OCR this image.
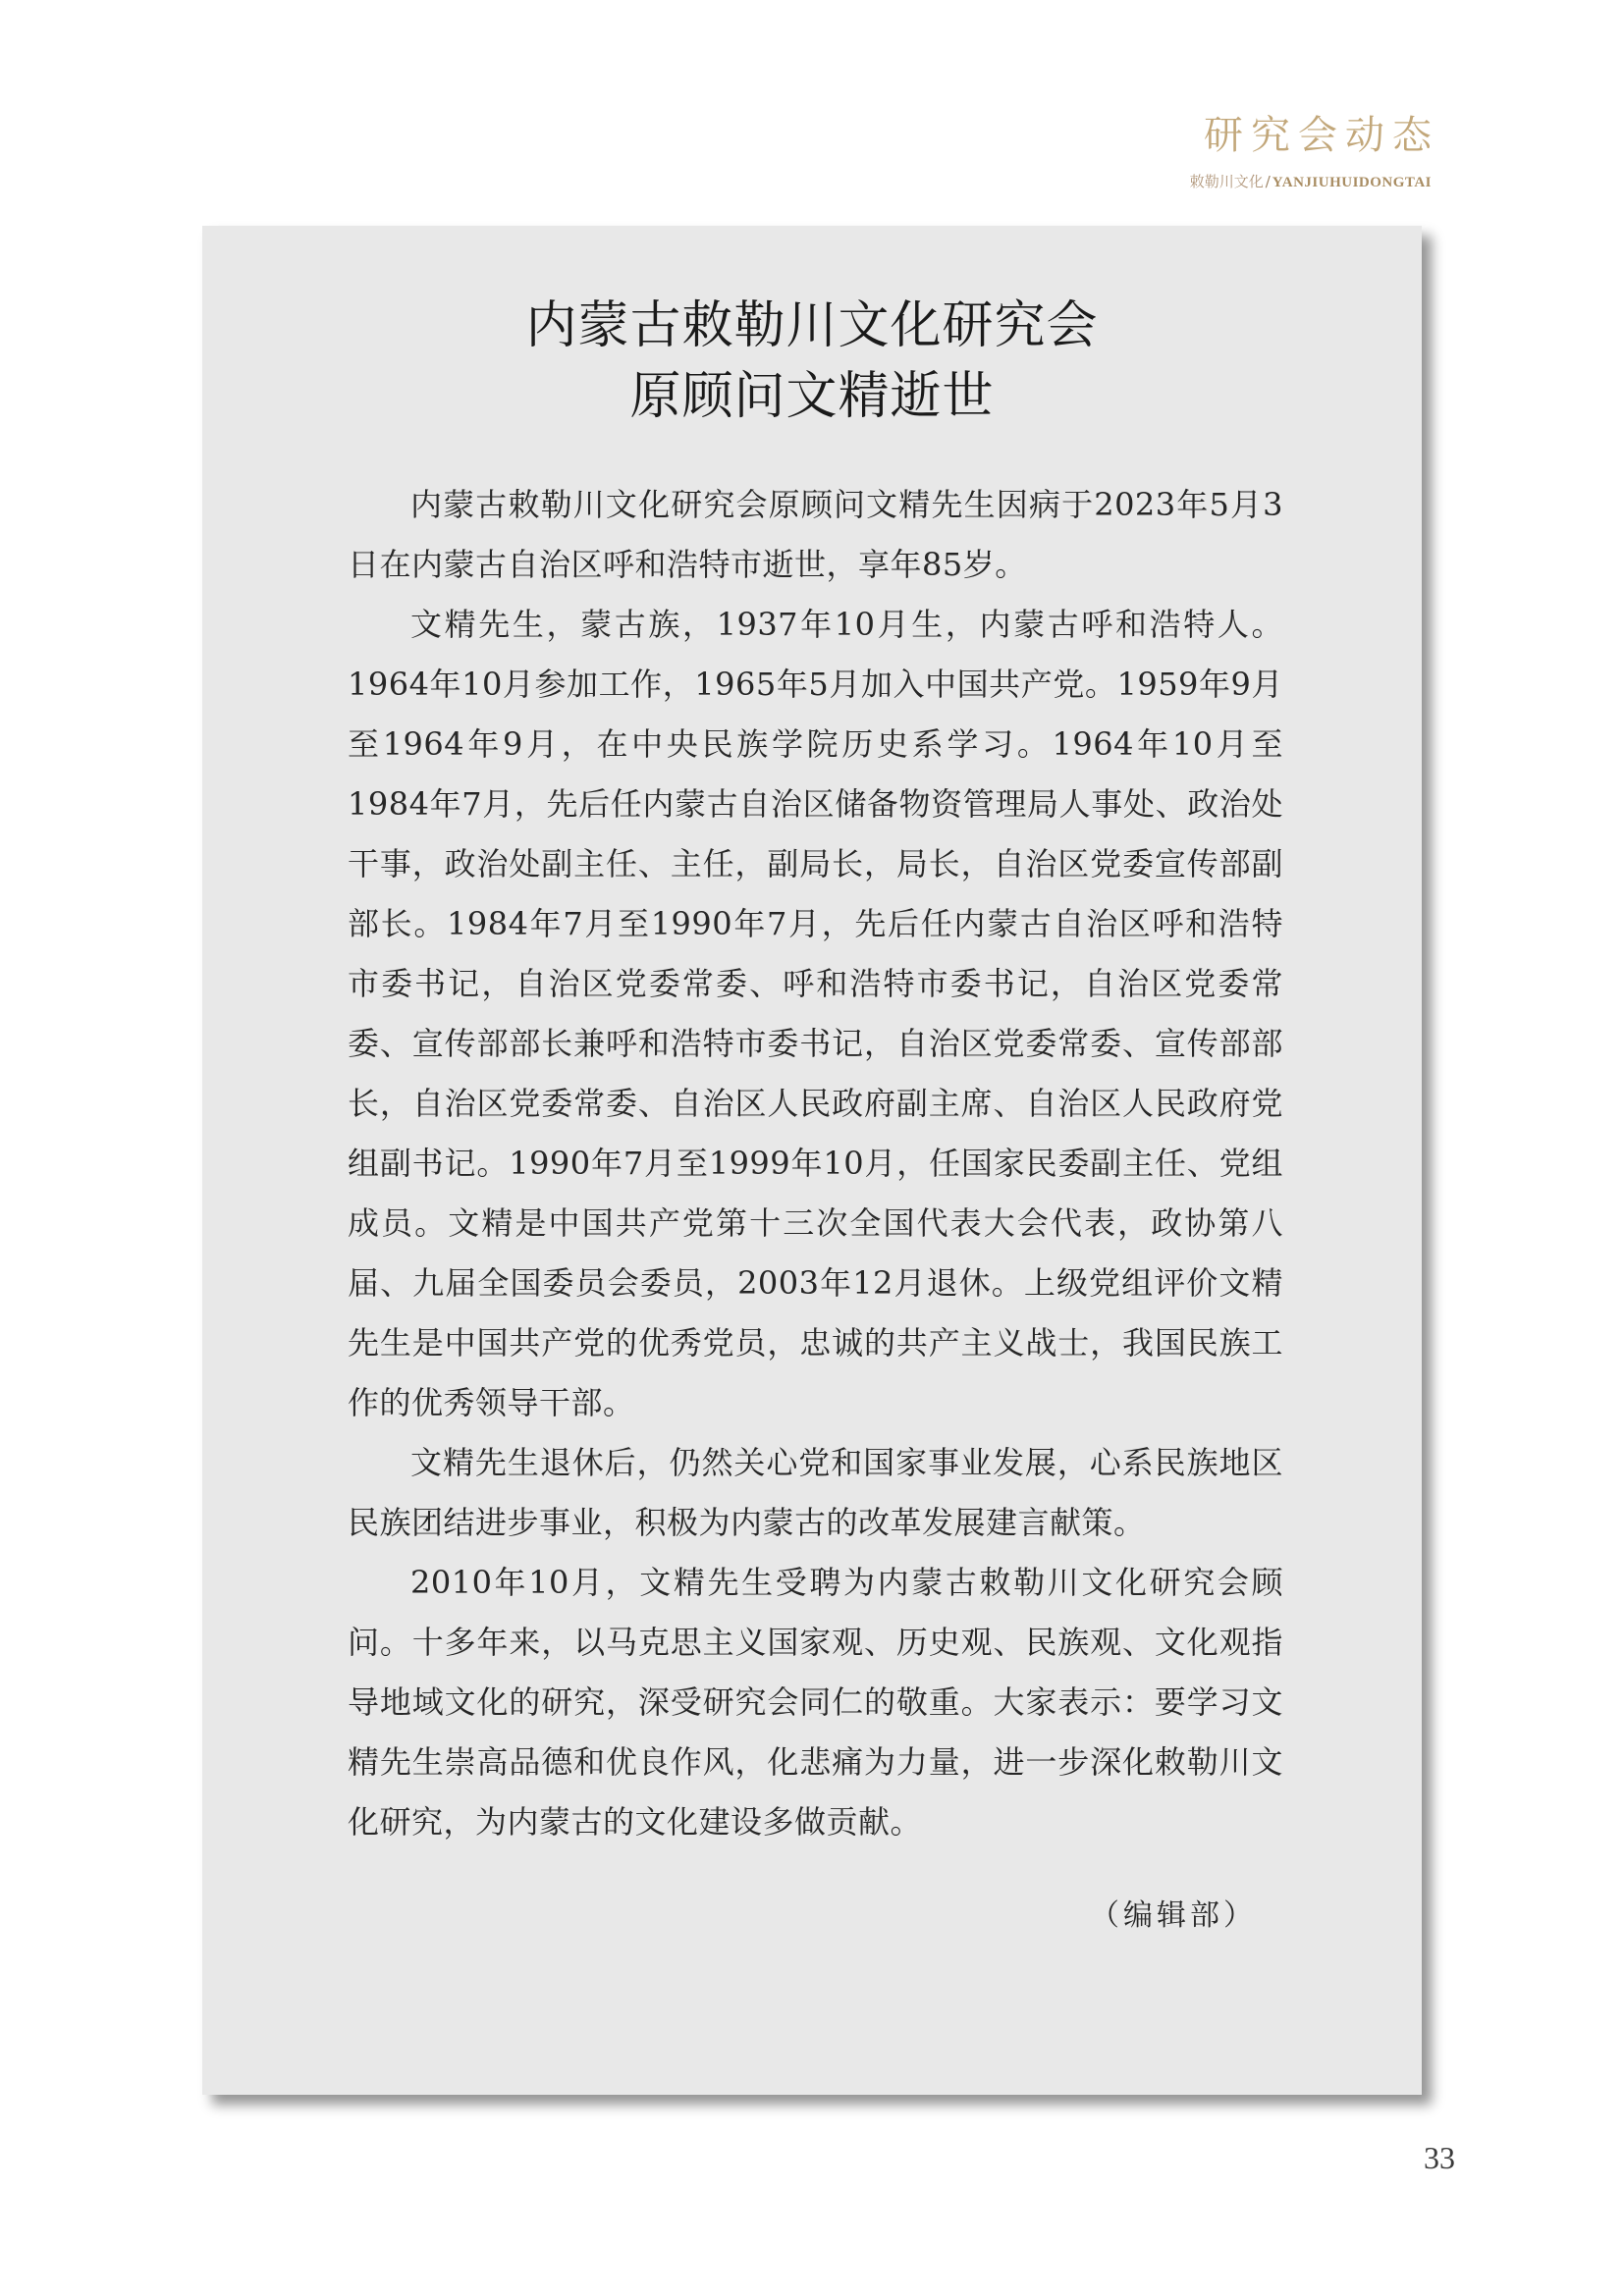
研究会动态
敕勒川文化 / YANJIUHUIDONGTAI
内蒙古敕勒川文化研究会
原顾问文精逝世

内蒙古敕勒川文化研究会原顾问文精先生因病于2023年5月3日在内蒙古自治区呼和浩特市逝世，享年85岁。

文精先生，蒙古族，1937年10月生，内蒙古呼和浩特人。1964年10月参加工作，1965年5月加入中国共产党。1959年9月至1964年9月，在中央民族学院历史系学习。1964年10月至1984年7月，先后任内蒙古自治区储备物资管理局人事处、政治处干事，政治处副主任、主任，副局长，局长，自治区党委宣传部副部长。1984年7月至1990年7月，先后任内蒙古自治区呼和浩特市委书记，自治区党委常委、呼和浩特市委书记，自治区党委常委、宣传部部长兼呼和浩特市委书记，自治区党委常委、宣传部部长，自治区党委常委、自治区人民政府副主席、自治区人民政府党组副书记。1990年7月至1999年10月，任国家民委副主任、党组成员。文精是中国共产党第十三次全国代表大会代表，政协第八届、九届全国委员会委员，2003年12月退休。上级党组评价文精先生是中国共产党的优秀党员，忠诚的共产主义战士，我国民族工作的优秀领导干部。

文精先生退休后，仍然关心党和国家事业发展，心系民族地区民族团结进步事业，积极为内蒙古的改革发展建言献策。

2010年10月，文精先生受聘为内蒙古敕勒川文化研究会顾问。十多年来，以马克思主义国家观、历史观、民族观、文化观指导地域文化的研究，深受研究会同仁的敬重。大家表示：要学习文精先生崇高品德和优良作风，化悲痛为力量，进一步深化敕勒川文化研究，为内蒙古的文化建设多做贡献。

（编辑部）
33
